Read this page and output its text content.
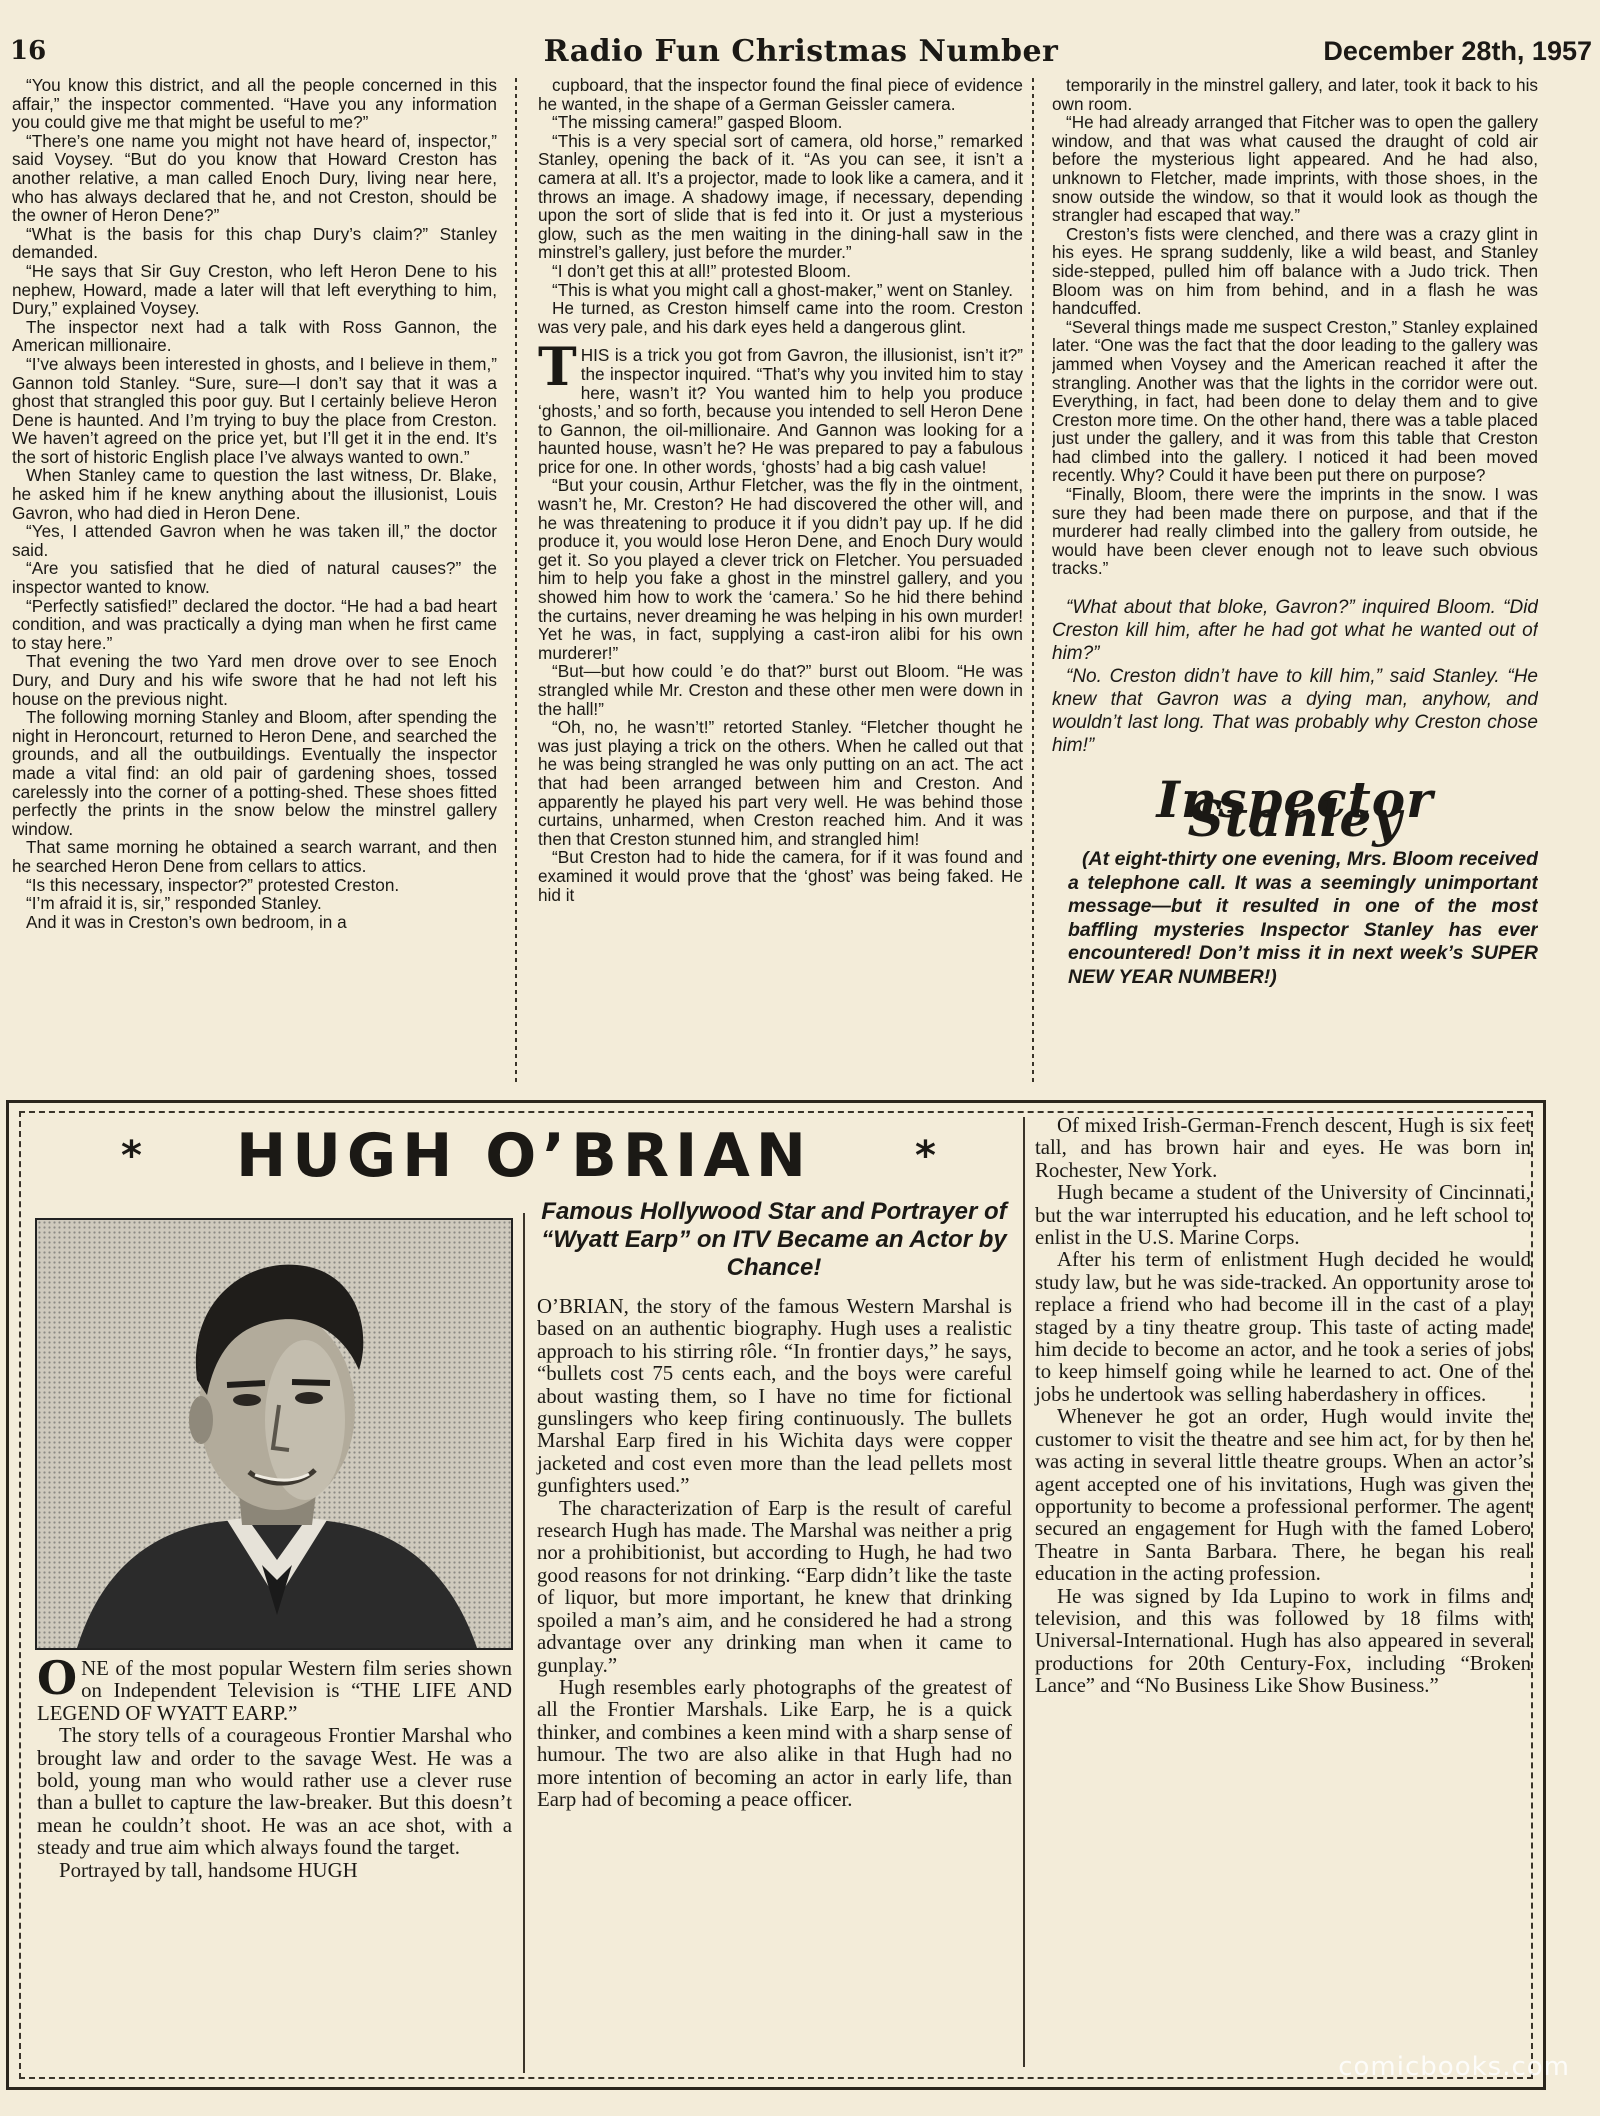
16	Radio Fun Christmas Number	December 28th, 1957

“You know this district, and all the people concerned in this affair,” the inspector commented. “Have you any information you could give me that might be useful to me?”

“There’s one name you might not have heard of, inspector,” said Voysey. “But do you know that Howard Creston has another relative, a man called Enoch Dury, living near here, who has always declared that he, and not Creston, should be the owner of Heron Dene?”

“What is the basis for this chap Dury’s claim?” Stanley demanded.

“He says that Sir Guy Creston, who left Heron Dene to his nephew, Howard, made a later will that left everything to him, Dury,” explained Voysey.

The inspector next had a talk with Ross Gannon, the American millionaire.

“I’ve always been interested in ghosts, and I believe in them,” Gannon told Stanley. “Sure, sure—I don’t say that it was a ghost that strangled this poor guy. But I certainly believe Heron Dene is haunted. And I’m trying to buy the place from Creston. We haven’t agreed on the price yet, but I’ll get it in the end. It’s the sort of historic English place I’ve always wanted to own.”

When Stanley came to question the last witness, Dr. Blake, he asked him if he knew anything about the illusionist, Louis Gavron, who had died in Heron Dene.

“Yes, I attended Gavron when he was taken ill,” the doctor said.

“Are you satisfied that he died of natural causes?” the inspector wanted to know.

“Perfectly satisfied!” declared the doctor. “He had a bad heart condition, and was practically a dying man when he first came to stay here.”

That evening the two Yard men drove over to see Enoch Dury, and Dury and his wife swore that he had not left his house on the previous night.

The following morning Stanley and Bloom, after spending the night in Heroncourt, returned to Heron Dene, and searched the grounds, and all the outbuildings. Eventually the inspector made a vital find: an old pair of gardening shoes, tossed carelessly into the corner of a potting-shed. These shoes fitted perfectly the prints in the snow below the minstrel gallery window.

That same morning he obtained a search warrant, and then he searched Heron Dene from cellars to attics.

“Is this necessary, inspector?” protested Creston.

“I’m afraid it is, sir,” responded Stanley.

And it was in Creston’s own bedroom, in a

cupboard, that the inspector found the final piece of evidence he wanted, in the shape of a German Geissler camera.

“The missing camera!” gasped Bloom.

“This is a very special sort of camera, old horse,” remarked Stanley, opening the back of it. “As you can see, it isn’t a camera at all. It’s a projector, made to look like a camera, and it throws an image. A shadowy image, if necessary, depending upon the sort of slide that is fed into it. Or just a mysterious glow, such as the men waiting in the dining-hall saw in the minstrel’s gallery, just before the murder.”

“I don’t get this at all!” protested Bloom.

“This is what you might call a ghost-maker,” went on Stanley.

He turned, as Creston himself came into the room. Creston was very pale, and his dark eyes held a dangerous glint.

THIS is a trick you got from Gavron, the illusionist, isn’t it?” the inspector inquired. “That’s why you invited him to stay here, wasn’t it? You wanted him to help you produce ‘ghosts,’ and so forth, because you intended to sell Heron Dene to Gannon, the oil-millionaire. And Gannon was looking for a haunted house, wasn’t he? He was prepared to pay a fabulous price for one. In other words, ‘ghosts’ had a big cash value!

“But your cousin, Arthur Fletcher, was the fly in the ointment, wasn’t he, Mr. Creston? He had discovered the other will, and he was threatening to produce it if you didn’t pay up. If he did produce it, you would lose Heron Dene, and Enoch Dury would get it. So you played a clever trick on Fletcher. You persuaded him to help you fake a ghost in the minstrel gallery, and you showed him how to work the ‘camera.’ So he hid there behind the curtains, never dreaming he was helping in his own murder! Yet he was, in fact, supplying a cast-iron alibi for his own murderer!”

“But—but how could ’e do that?” burst out Bloom. “He was strangled while Mr. Creston and these other men were down in the hall!”

“Oh, no, he wasn’t!” retorted Stanley. “Fletcher thought he was just playing a trick on the others. When he called out that he was being strangled he was only putting on an act. The act that had been arranged between him and Creston. And apparently he played his part very well. He was behind those curtains, unharmed, when Creston reached him. And it was then that Creston stunned him, and strangled him!

“But Creston had to hide the camera, for if it was found and examined it would prove that the ‘ghost’ was being faked. He hid it

temporarily in the minstrel gallery, and later, took it back to his own room.

“He had already arranged that Fitcher was to open the gallery window, and that was what caused the draught of cold air before the mysterious light appeared. And he had also, unknown to Fletcher, made imprints, with those shoes, in the snow outside the window, so that it would look as though the strangler had escaped that way.”

Creston’s fists were clenched, and there was a crazy glint in his eyes. He sprang suddenly, like a wild beast, and Stanley side-stepped, pulled him off balance with a Judo trick. Then Bloom was on him from behind, and in a flash he was handcuffed.

“Several things made me suspect Creston,” Stanley explained later. “One was the fact that the door leading to the gallery was jammed when Voysey and the American reached it after the strangling. Another was that the lights in the corridor were out. Everything, in fact, had been done to delay them and to give Creston more time. On the other hand, there was a table placed just under the gallery, and it was from this table that Creston had climbed into the gallery. I noticed it had been moved recently. Why? Could it have been put there on purpose?

“Finally, Bloom, there were the imprints in the snow. I was sure they had been made there on purpose, and that if the murderer had really climbed into the gallery from outside, he would have been clever enough not to leave such obvious tracks.”

“What about that bloke, Gavron?” inquired Bloom. “Did Creston kill him, after he had got what he wanted out of him?”

“No. Creston didn’t have to kill him,” said Stanley. “He knew that Gavron was a dying man, anyhow, and wouldn’t last long. That was probably why Creston chose him!”

Inspector Stanley

(At eight-thirty one evening, Mrs. Bloom received a telephone call. It was a seemingly unimportant message—but it resulted in one of the most baffling mysteries Inspector Stanley has ever encountered! Don’t miss it in next week’s SUPER NEW YEAR NUMBER!)

*	HUGH O’BRIAN	*
Famous Hollywood Star and Portrayer of “Wyatt Earp” on ITV Became an Actor by Chance!

ONE of the most popular Western film series shown on Independent Television is “THE LIFE AND LEGEND OF WYATT EARP.”

The story tells of a courageous Frontier Marshal who brought law and order to the savage West. He was a bold, young man who would rather use a clever ruse than a bullet to capture the law-breaker. But this doesn’t mean he couldn’t shoot. He was an ace shot, with a steady and true aim which always found the target.

Portrayed by tall, handsome HUGH

O’BRIAN, the story of the famous Western Marshal is based on an authentic biography. Hugh uses a realistic approach to his stirring rôle. “In frontier days,” he says, “bullets cost 75 cents each, and the boys were careful about wasting them, so I have no time for fictional gunslingers who keep firing continuously. The bullets Marshal Earp fired in his Wichita days were copper jacketed and cost even more than the lead pellets most gunfighters used.”

The characterization of Earp is the result of careful research Hugh has made. The Marshal was neither a prig nor a prohibitionist, but according to Hugh, he had two good reasons for not drinking. “Earp didn’t like the taste of liquor, but more important, he knew that drinking spoiled a man’s aim, and he considered he had a strong advantage over any drinking man when it came to gunplay.”

Hugh resembles early photographs of the greatest of all the Frontier Marshals. Like Earp, he is a quick thinker, and combines a keen mind with a sharp sense of humour. The two are also alike in that Hugh had no more intention of becoming an actor in early life, than Earp had of becoming a peace officer.

Of mixed Irish-German-French descent, Hugh is six feet tall, and has brown hair and eyes. He was born in Rochester, New York.

Hugh became a student of the University of Cincinnati, but the war interrupted his education, and he left school to enlist in the U.S. Marine Corps.

After his term of enlistment Hugh decided he would study law, but he was side-tracked. An opportunity arose to replace a friend who had become ill in the cast of a play staged by a tiny theatre group. This taste of acting made him decide to become an actor, and he took a series of jobs to keep himself going while he learned to act. One of the jobs he undertook was selling haberdashery in offices.

Whenever he got an order, Hugh would invite the customer to visit the theatre and see him act, for by then he was acting in several little theatre groups. When an actor’s agent accepted one of his invitations, Hugh was given the opportunity to become a professional performer. The agent secured an engagement for Hugh with the famed Lobero Theatre in Santa Barbara. There, he began his real education in the acting profession.

He was signed by Ida Lupino to work in films and television, and this was followed by 18 films with Universal-International. Hugh has also appeared in several productions for 20th Century-Fox, including “Broken Lance” and “No Business Like Show Business.”

comicbooks.com
